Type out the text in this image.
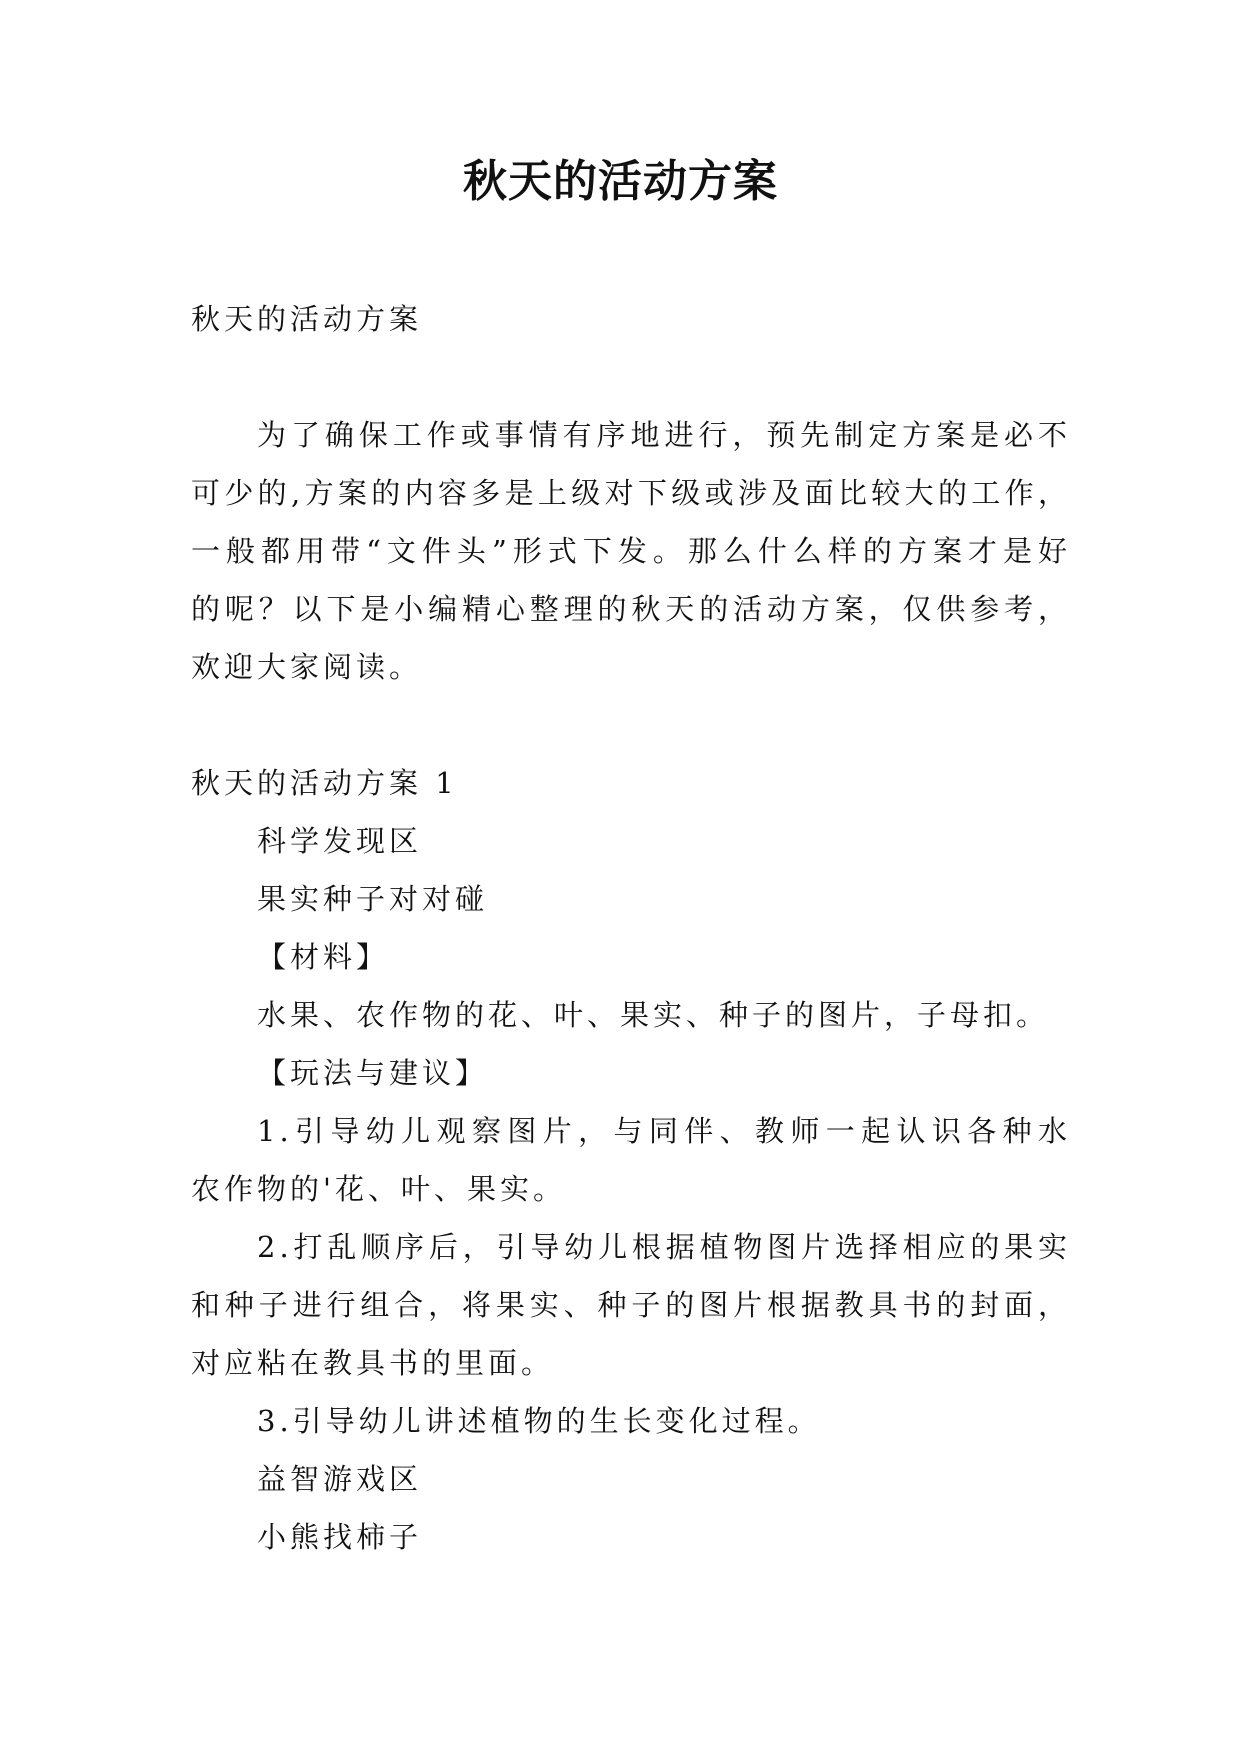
秋天的活动方案
秋天的活动方案
为了确保工作或事情有序地进行，预先制定方案是必不
可少的,方案的内容多是上级对下级或涉及面比较大的工作，
一般都用带“文件头”形式下发。那么什么样的方案才是好
的呢？以下是小编精心整理的秋天的活动方案，仅供参考，
欢迎大家阅读。
秋天的活动方案 1
科学发现区
果实种子对对碰
【材料】
水果、农作物的花、叶、果实、种子的图片，子母扣。
【玩法与建议】
1.引导幼儿观察图片，与同伴、教师一起认识各种水
农作物的'花、叶、果实。
2.打乱顺序后，引导幼儿根据植物图片选择相应的果实
和种子进行组合，将果实、种子的图片根据教具书的封面，
对应粘在教具书的里面。
3.引导幼儿讲述植物的生长变化过程。
益智游戏区
小熊找柿子
